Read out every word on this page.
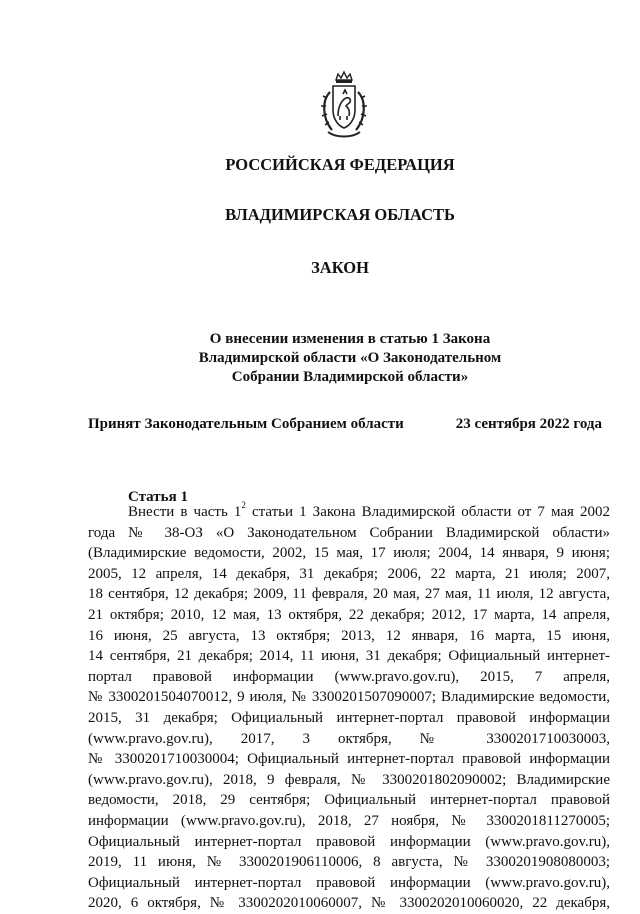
РОССИЙСКАЯ ФЕДЕРАЦИЯ
ВЛАДИМИРСКАЯ ОБЛАСТЬ
ЗАКОН
О внесении изменения в статью 1 Закона
Владимирской области «О Законодательном
Собрании Владимирской области»
Принят Законодательным Собранием области	23 сентября 2022 года
Статья 1
Внести в часть $1^2$ статьи 1 Закона Владимирской области от 7 мая 2002
года № 38-ОЗ «О Законодательном Собрании Владимирской области»
(Владимирские ведомости, 2002, 15 мая, 17 июля; 2004, 14 января, 9 июня;
2005, 12 апреля, 14 декабря, 31 декабря; 2006, 22 марта, 21 июля; 2007,
18 сентября, 12 декабря; 2009, 11 февраля, 20 мая, 27 мая, 11 июля, 12 августа,
21 октября; 2010, 12 мая, 13 октября, 22 декабря; 2012, 17 марта, 14 апреля,
16 июня, 25 августа, 13 октября; 2013, 12 января, 16 марта, 15 июня,
14 сентября, 21 декабря; 2014, 11 июня, 31 декабря; Официальный интернет-
портал правовой информации (www.pravo.gov.ru), 2015, 7 апреля,
№ 3300201504070012, 9 июля, № 3300201507090007; Владимирские ведомости,
2015, 31 декабря; Официальный интернет-портал правовой информации
(www.pravo.gov.ru), 2017, 3 октября, № 3300201710030003,
№ 3300201710030004; Официальный интернет-портал правовой информации
(www.pravo.gov.ru), 2018, 9 февраля, № 3300201802090002; Владимирские
ведомости, 2018, 29 сентября; Официальный интернет-портал правовой
информации (www.pravo.gov.ru), 2018, 27 ноября, № 3300201811270005;
Официальный интернет-портал правовой информации (www.pravo.gov.ru),
2019, 11 июня, № 3300201906110006, 8 августа, № 3300201908080003;
Официальный интернет-портал правовой информации (www.pravo.gov.ru),
2020, 6 октября, № 3300202010060007, № 3300202010060020, 22 декабря,
